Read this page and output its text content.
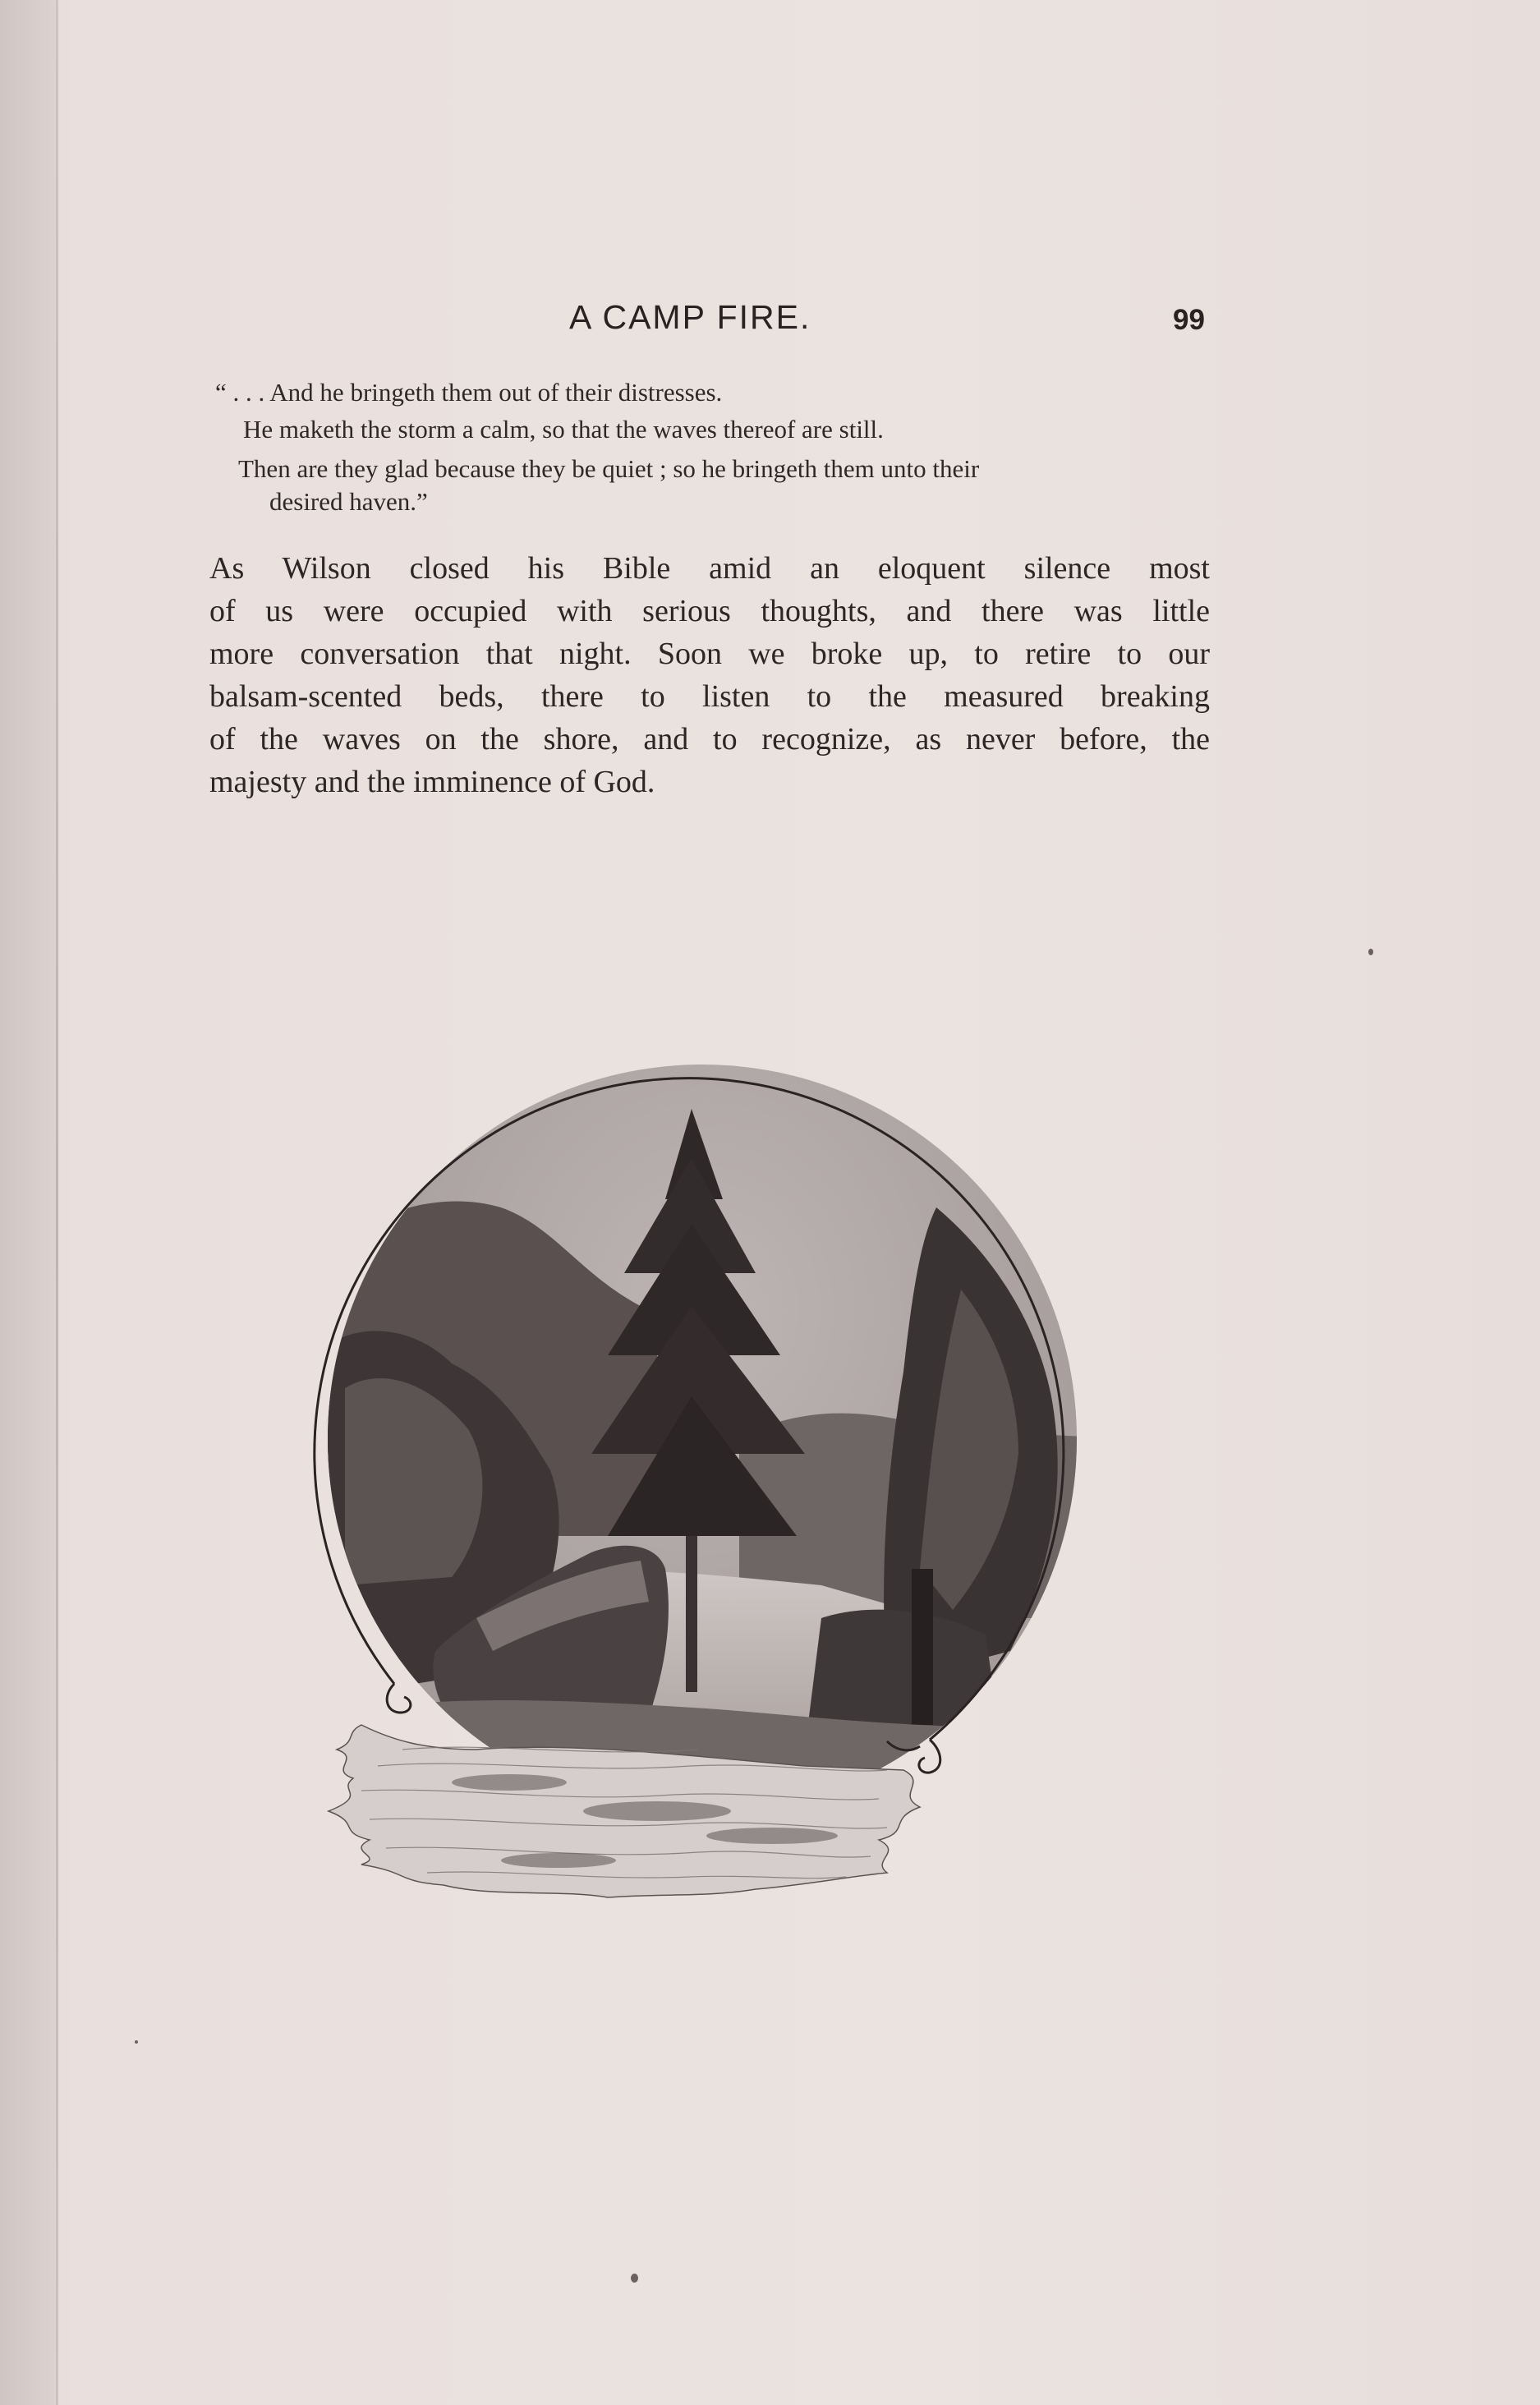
A CAMP FIRE.	99
“ . . . And he bringeth them out of their distresses.
He maketh the storm a calm, so that the waves thereof are still.
Then are they glad because they be quiet ; so he bringeth them unto their
desired haven.”
As Wilson closed his Bible amid an eloquent silence most
of us were occupied with serious thoughts, and there was little
more conversation that night. Soon we broke up, to retire to our
balsam-scented beds, there to listen to the measured breaking
of the waves on the shore, and to recognize, as never before, the
majesty and the imminence of God.
